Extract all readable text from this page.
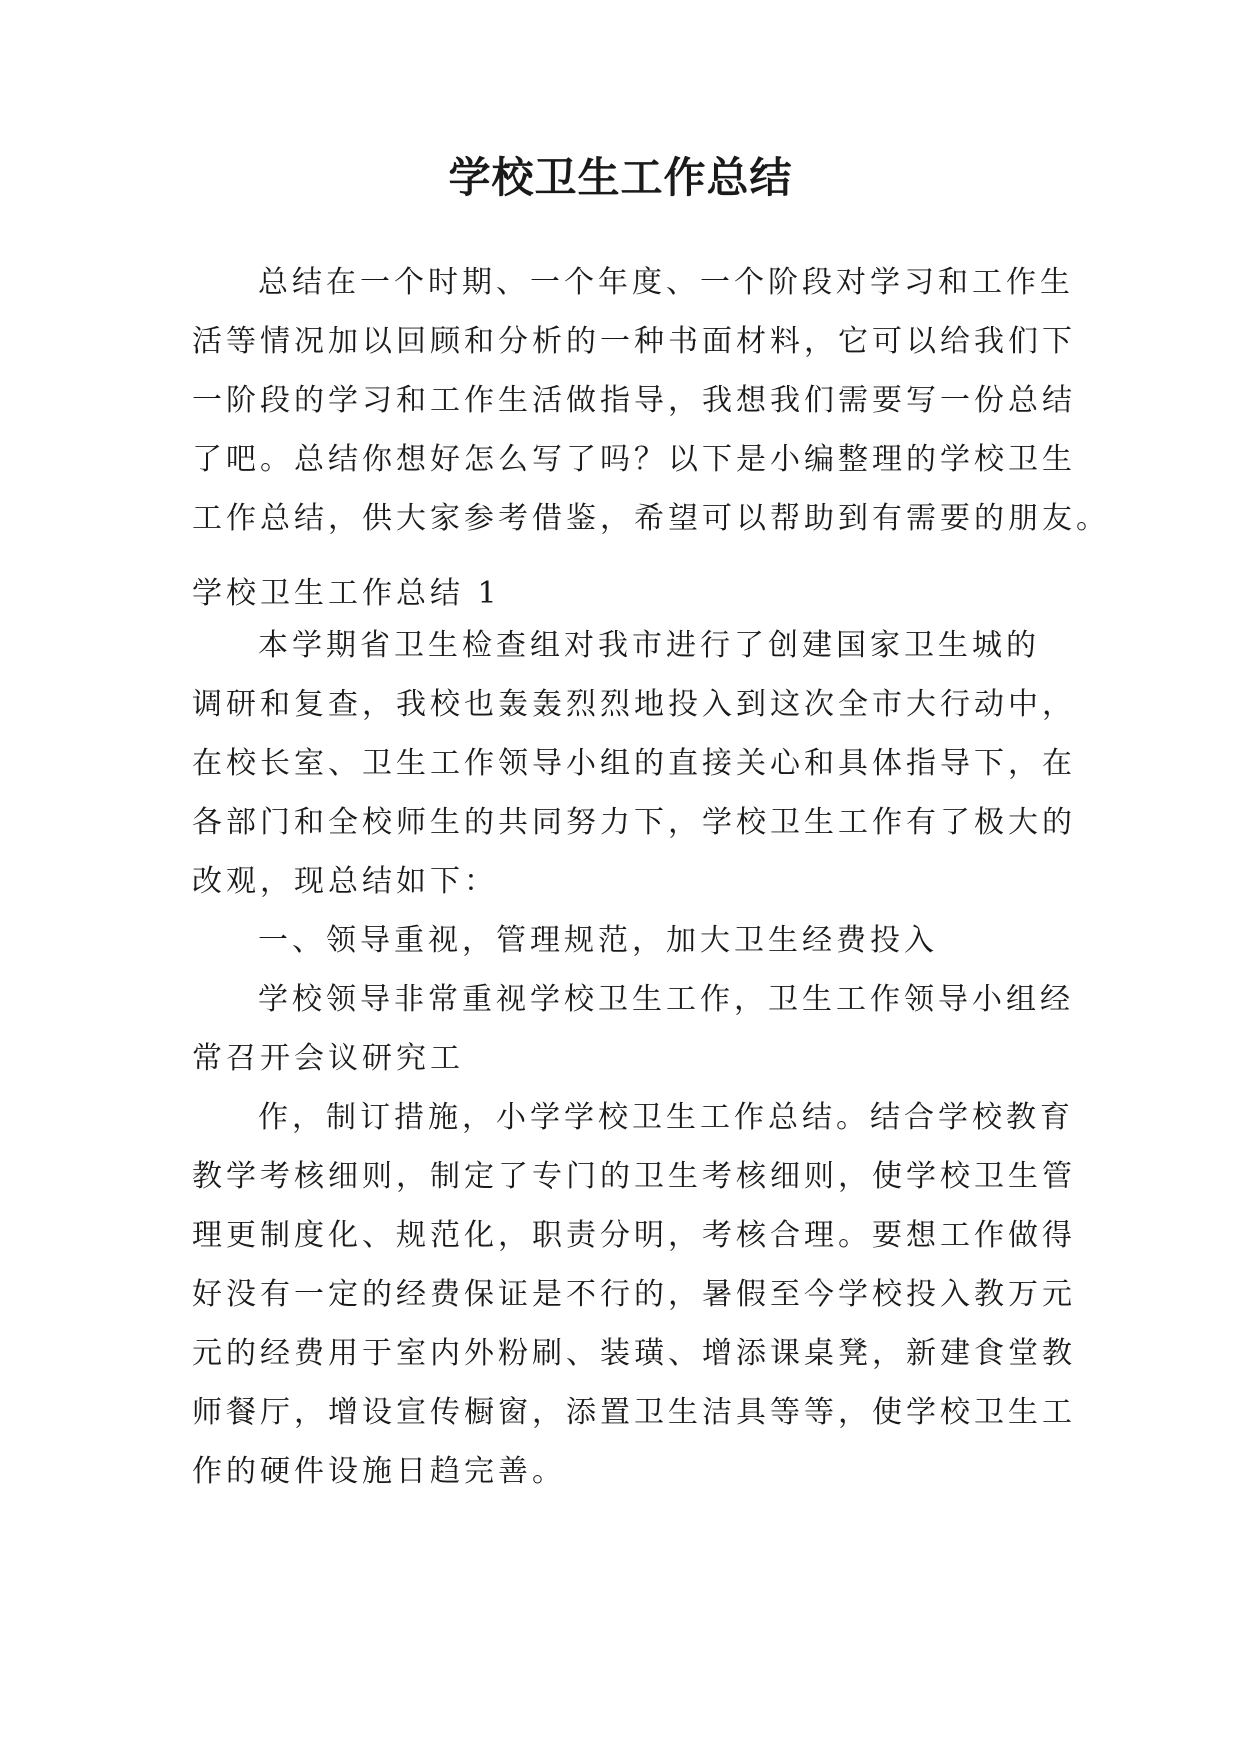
学校卫生工作总结
总结在一个时期、一个年度、一个阶段对学习和工作生
活等情况加以回顾和分析的一种书面材料，它可以给我们下
一阶段的学习和工作生活做指导，我想我们需要写一份总结
了吧。总结你想好怎么写了吗？以下是小编整理的学校卫生
工作总结，供大家参考借鉴，希望可以帮助到有需要的朋友。
学校卫生工作总结 1
本学期省卫生检查组对我市进行了创建国家卫生城的
调研和复查，我校也轰轰烈烈地投入到这次全市大行动中，
在校长室、卫生工作领导小组的直接关心和具体指导下，在
各部门和全校师生的共同努力下，学校卫生工作有了极大的
改观，现总结如下：
一、领导重视，管理规范，加大卫生经费投入
学校领导非常重视学校卫生工作，卫生工作领导小组经
常召开会议研究工
作，制订措施，小学学校卫生工作总结。结合学校教育
教学考核细则，制定了专门的卫生考核细则，使学校卫生管
理更制度化、规范化，职责分明，考核合理。要想工作做得
好没有一定的经费保证是不行的，暑假至今学校投入教万元
元的经费用于室内外粉刷、装璜、增添课桌凳，新建食堂教
师餐厅，增设宣传橱窗，添置卫生洁具等等，使学校卫生工
作的硬件设施日趋完善。
